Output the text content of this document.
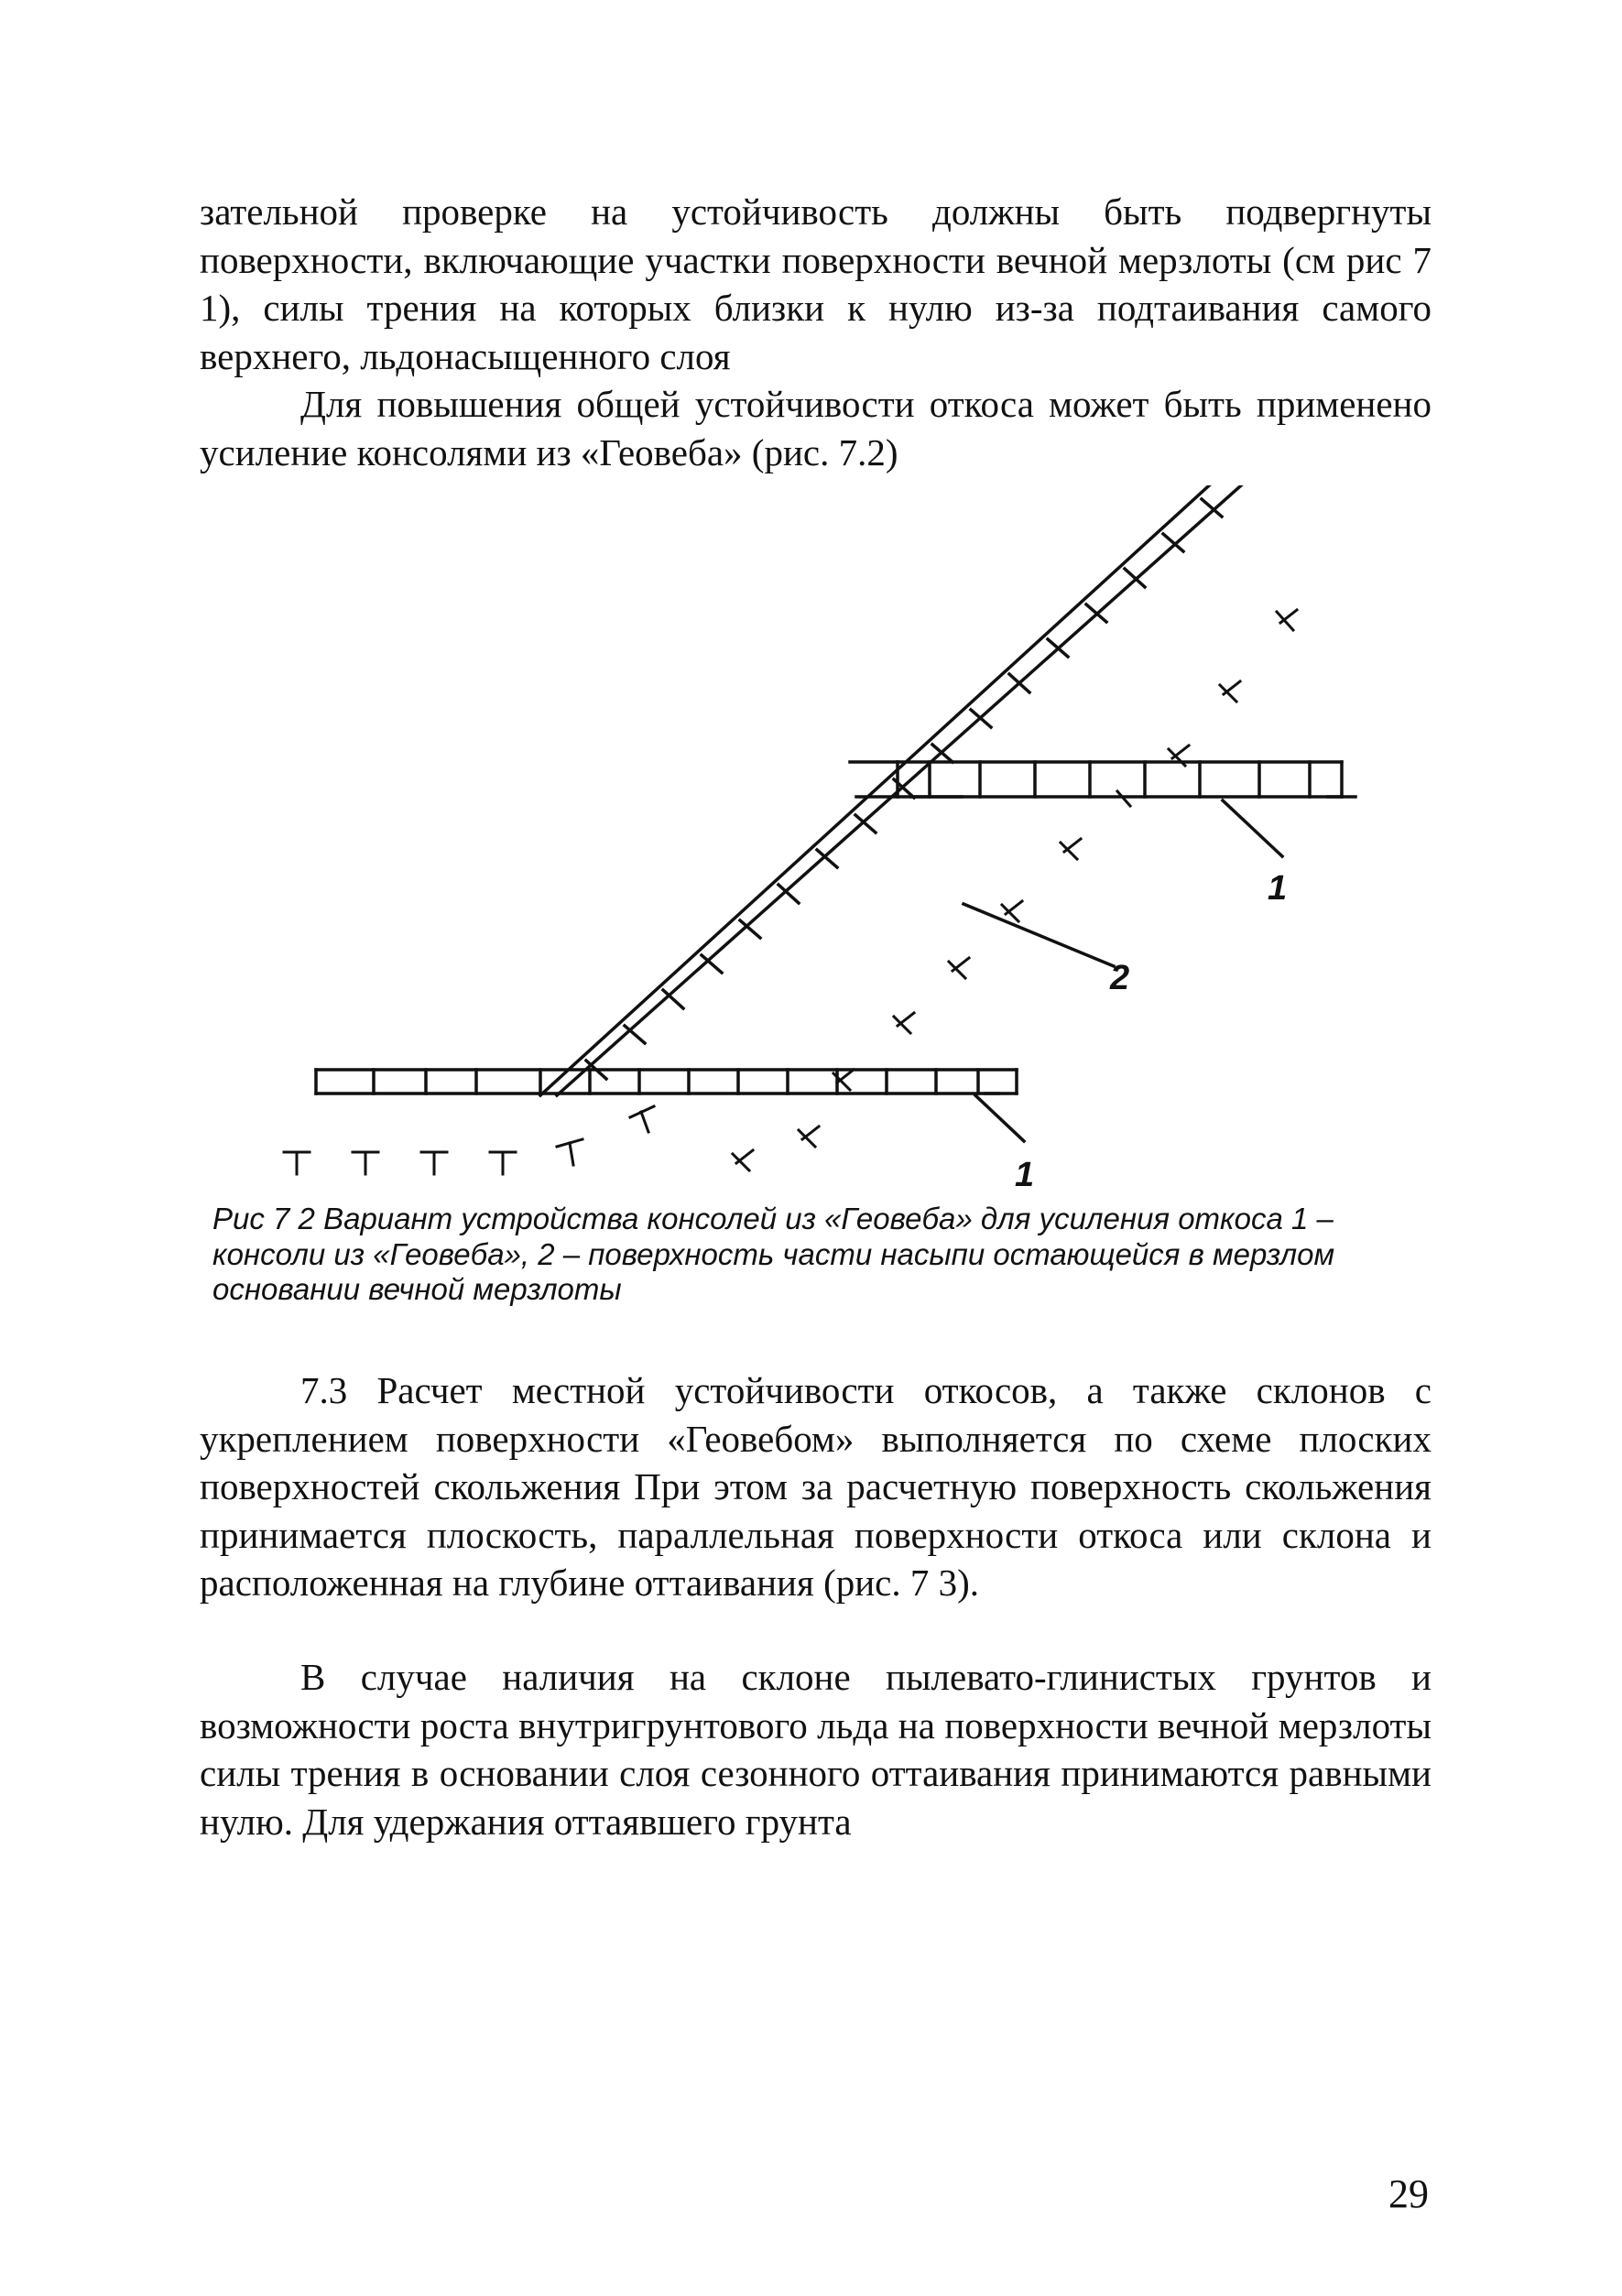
зательной проверке на устойчивость должны быть подвергнуты поверхности, включающие участки поверхности вечной мерзлоты (см рис 7 1), силы трения на которых близки к нулю из-за подтаивания самого верхнего, льдонасыщенного слоя

Для повышения общей устойчивости откоса может быть применено усиление консолями из «Геовеба» (рис. 7.2)

1
2
1

Рис 7 2 Вариант устройства консолей из «Геовеба» для усиления откоса 1 – консоли из «Геовеба», 2 – поверхность части насыпи остающейся в мерзлом основании вечной мерзлоты

7.3 Расчет местной устойчивости откосов, а также склонов с укреплением поверхности «Геовебом» выполняется по схеме плоских поверхностей скольжения При этом за расчетную поверхность скольжения принимается плоскость, параллельная поверхности откоса или склона и расположенная на глубине оттаивания (рис. 7 3).

В случае наличия на склоне пылевато-глинистых грунтов и возможности роста внутригрунтового льда на поверхности вечной мерзлоты силы трения в основании слоя сезонного оттаивания принимаются равными нулю. Для удержания оттаявшего грунта

29
